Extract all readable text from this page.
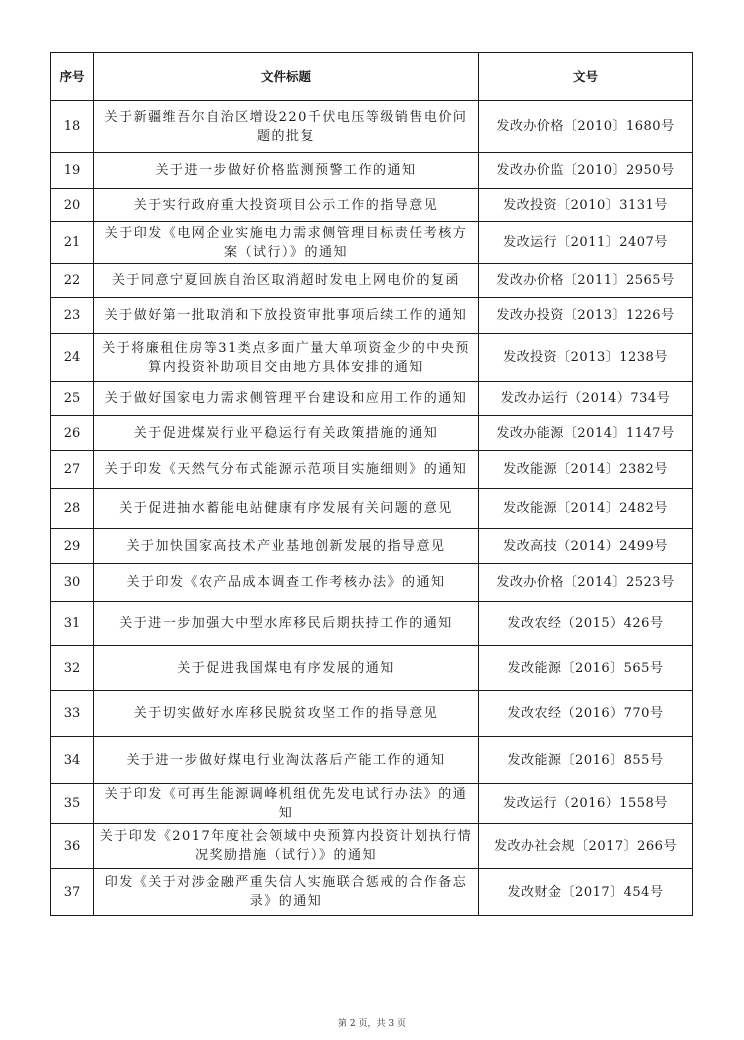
序号	文件标题	文号
18	关于新疆维吾尔自治区增设220千伏电压等级销售电价问题的批复	发改办价格〔2010〕1680号
19	关于进一步做好价格监测预警工作的通知	发改办价监〔2010〕2950号
20	关于实行政府重大投资项目公示工作的指导意见	发改投资〔2010〕3131号
21	关于印发《电网企业实施电力需求侧管理目标责任考核方案（试行）》的通知	发改运行〔2011〕2407号
22	关于同意宁夏回族自治区取消超时发电上网电价的复函	发改办价格〔2011〕2565号
23	关于做好第一批取消和下放投资审批事项后续工作的通知	发改办投资〔2013〕1226号
24	关于将廉租住房等31类点多面广量大单项资金少的中央预算内投资补助项目交由地方具体安排的通知	发改投资〔2013〕1238号
25	关于做好国家电力需求侧管理平台建设和应用工作的通知	发改办运行（2014）734号
26	关于促进煤炭行业平稳运行有关政策措施的通知	发改办能源〔2014〕1147号
27	关于印发《天然气分布式能源示范项目实施细则》的通知	发改能源〔2014〕2382号
28	关于促进抽水蓄能电站健康有序发展有关问题的意见	发改能源〔2014〕2482号
29	关于加快国家高技术产业基地创新发展的指导意见	发改高技（2014）2499号
30	关于印发《农产品成本调查工作考核办法》的通知	发改办价格〔2014〕2523号
31	关于进一步加强大中型水库移民后期扶持工作的通知	发改农经（2015）426号
32	关于促进我国煤电有序发展的通知	发改能源〔2016〕565号
33	关于切实做好水库移民脱贫攻坚工作的指导意见	发改农经（2016）770号
34	关于进一步做好煤电行业淘汰落后产能工作的通知	发改能源〔2016〕855号
35	关于印发《可再生能源调峰机组优先发电试行办法》的通知	发改运行（2016）1558号
36	关于印发《2017年度社会领域中央预算内投资计划执行情况奖励措施（试行）》的通知	发改办社会规〔2017〕266号
37	印发《关于对涉金融严重失信人实施联合惩戒的合作备忘录》的通知	发改财金〔2017〕454号
第 2 页，共 3 页
